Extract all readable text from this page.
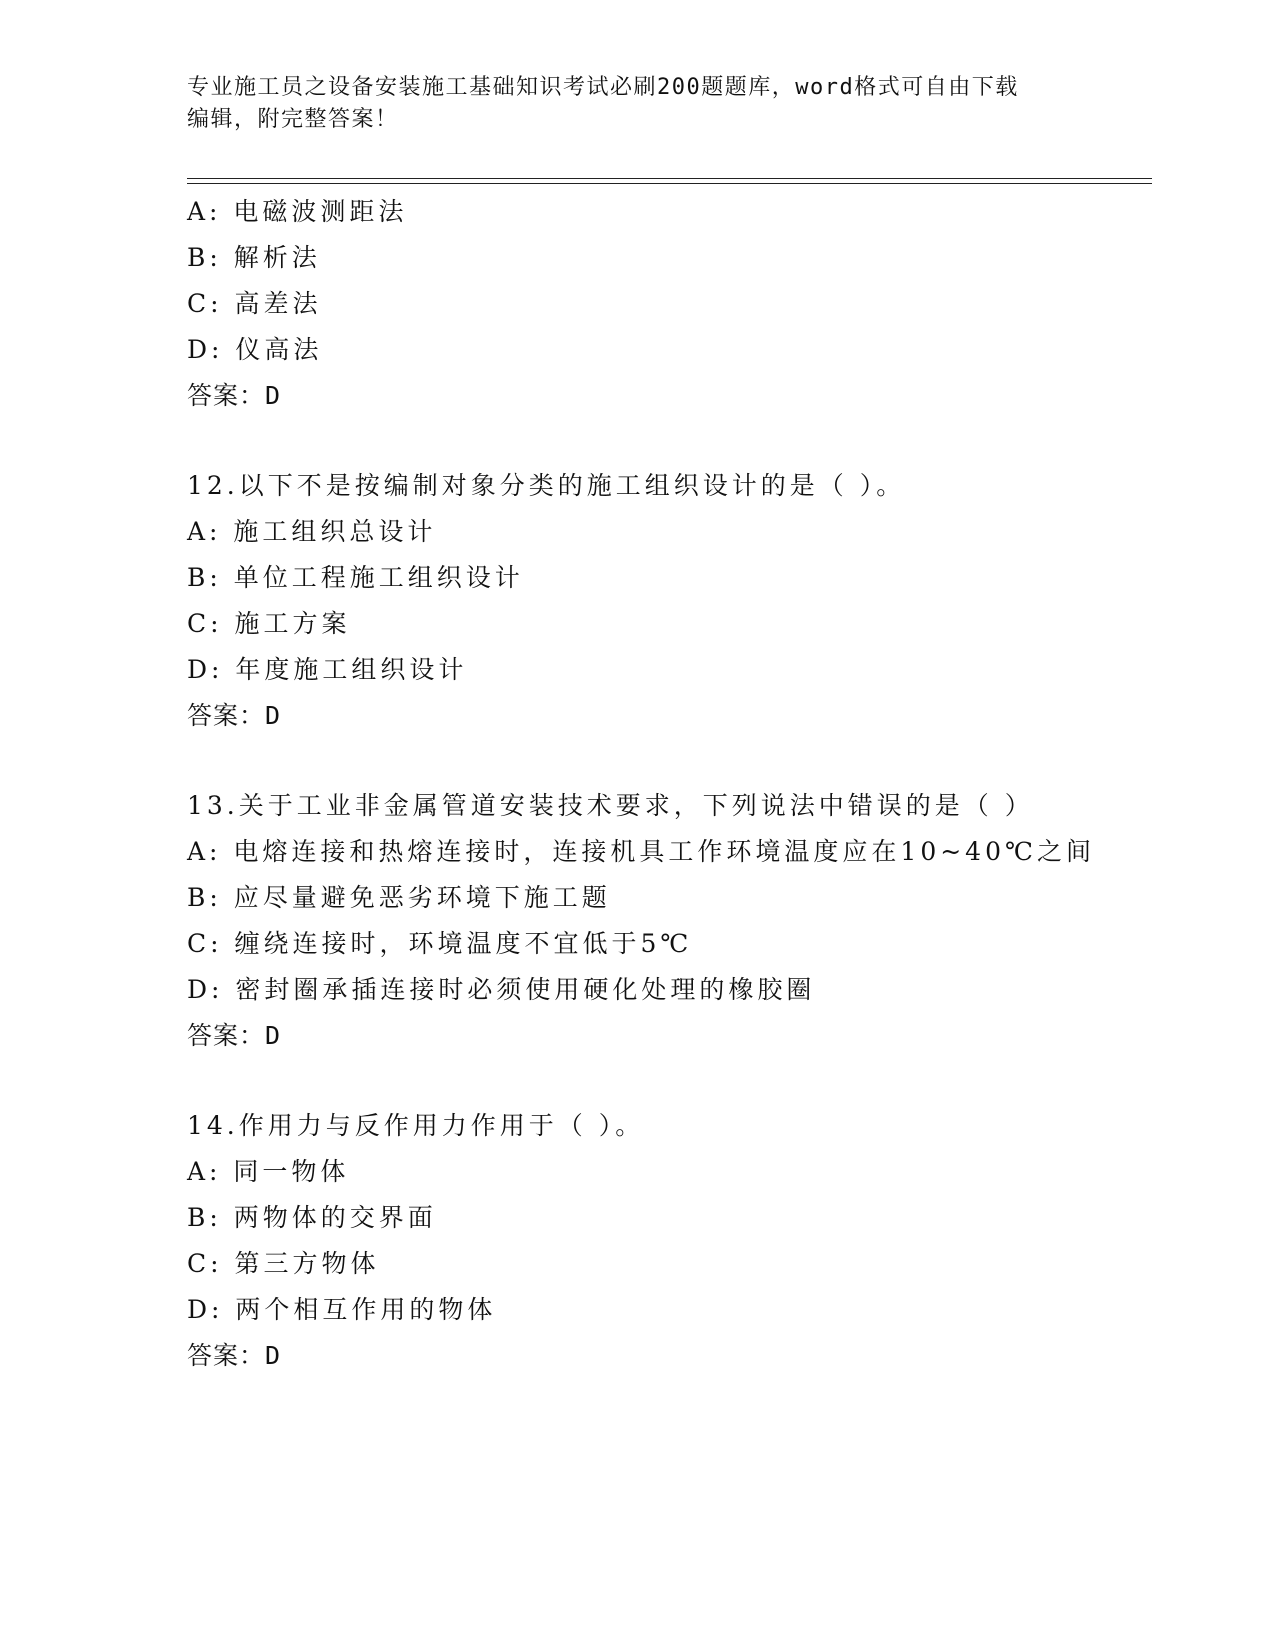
专业施工员之设备安装施工基础知识考试必刷200题题库，word格式可自由下载
编辑，附完整答案！
A: 电磁波测距法
B: 解析法
C: 高差法
D: 仪高法
答案：D
12.以下不是按编制对象分类的施工组织设计的是（ ）。
A: 施工组织总设计
B: 单位工程施工组织设计
C: 施工方案
D: 年度施工组织设计
答案：D
13.关于工业非金属管道安装技术要求，下列说法中错误的是（ ）
A: 电熔连接和热熔连接时，连接机具工作环境温度应在10~40℃之间
B: 应尽量避免恶劣环境下施工题
C: 缠绕连接时，环境温度不宜低于5℃
D: 密封圈承插连接时必须使用硬化处理的橡胶圈
答案：D
14.作用力与反作用力作用于（ ）。
A: 同一物体
B: 两物体的交界面
C: 第三方物体
D: 两个相互作用的物体
答案：D
